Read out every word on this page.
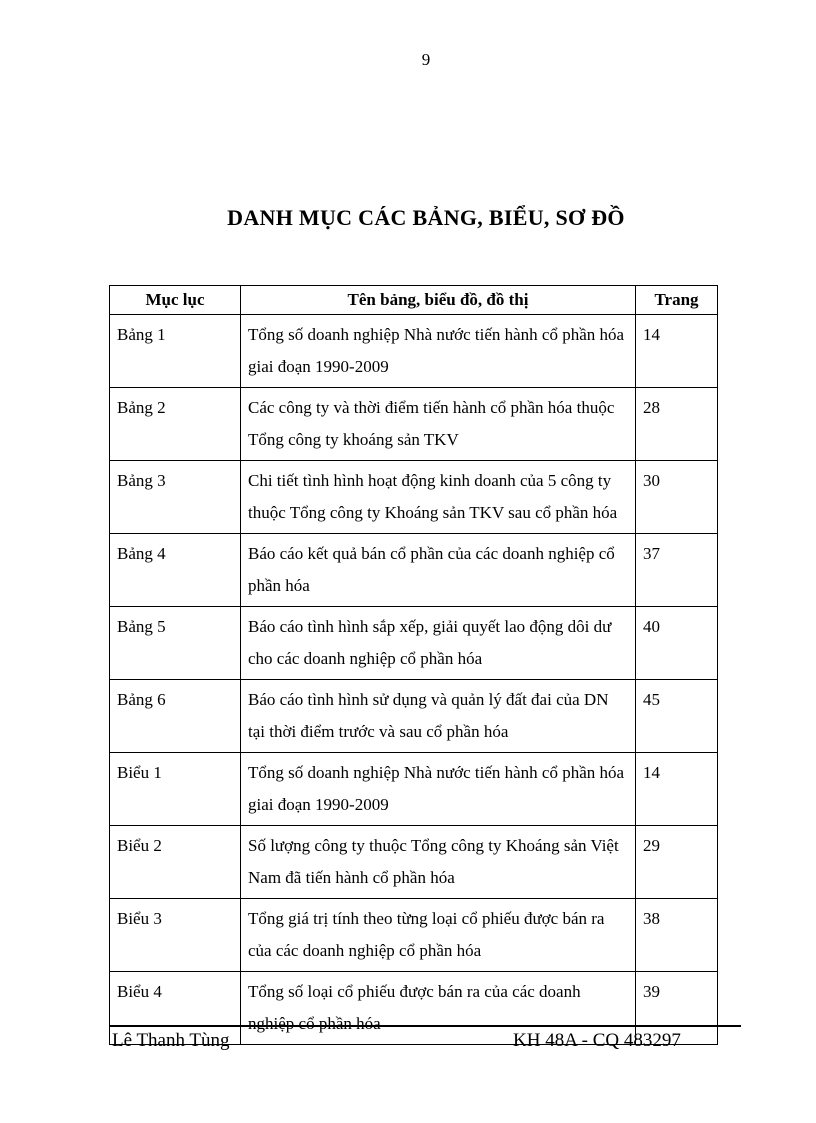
9
DANH MỤC CÁC BẢNG, BIỂU, SƠ ĐỒ
Mục lục	Tên bảng, biểu đồ, đồ thị	Trang
Bảng 1	Tổng số doanh nghiệp Nhà nước tiến hành cổ phần hóa giai đoạn 1990-2009	14
Bảng 2	Các công ty và thời điểm tiến hành cổ phần hóa thuộc Tổng công ty khoáng sản TKV	28
Bảng 3	Chi tiết tình hình hoạt động kinh doanh của 5 công ty thuộc Tổng công ty Khoáng sản TKV sau cổ phần hóa	30
Bảng 4	Báo cáo kết quả bán cổ phần của các doanh nghiệp cổ phần hóa	37
Bảng 5	Báo cáo tình hình sắp xếp, giải quyết lao động dôi dư cho các doanh nghiệp cổ phần hóa	40
Bảng 6	Báo cáo tình hình sử dụng và quản lý đất đai của DN tại thời điểm trước và sau cổ phần hóa	45
Biểu 1	Tổng số doanh nghiệp Nhà nước tiến hành cổ phần hóa giai đoạn 1990-2009	14
Biểu 2	Số lượng công ty thuộc Tổng công ty Khoáng sản Việt Nam đã tiến hành cổ phần hóa	29
Biểu 3	Tổng giá trị tính theo từng loại cổ phiếu được bán ra của các doanh nghiệp cổ phần hóa	38
Biểu 4	Tổng số loại cổ phiếu được bán ra của các doanh nghiệp cổ phần hóa	39
Lê Thanh Tùng	KH 48A - CQ 483297
